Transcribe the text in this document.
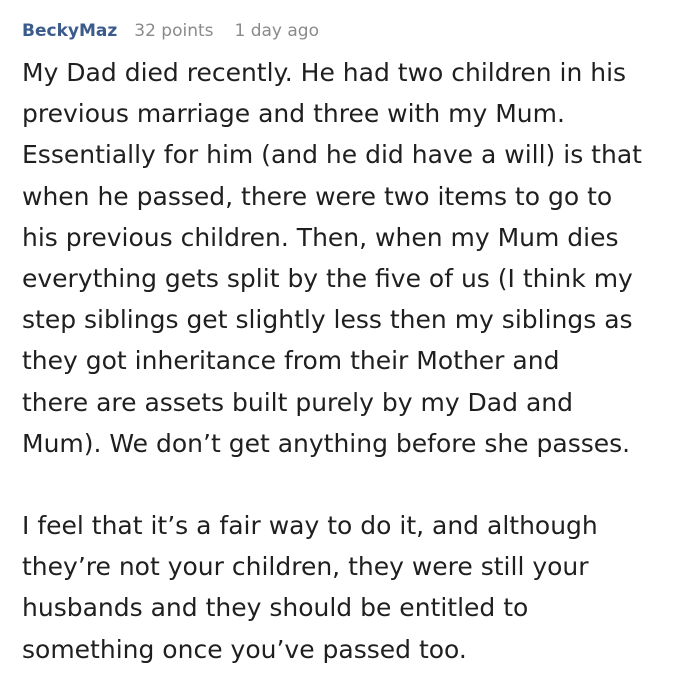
BeckyMaz 32 points 1 day ago

My Dad died recently. He had two children in his
previous marriage and three with my Mum.
Essentially for him (and he did have a will) is that
when he passed, there were two items to go to
his previous children. Then, when my Mum dies
everything gets split by the five of us (I think my
step siblings get slightly less then my siblings as
they got inheritance from their Mother and
there are assets built purely by my Dad and
Mum). We don’t get anything before she passes.

I feel that it’s a fair way to do it, and although
they’re not your children, they were still your
husbands and they should be entitled to
something once you’ve passed too.
